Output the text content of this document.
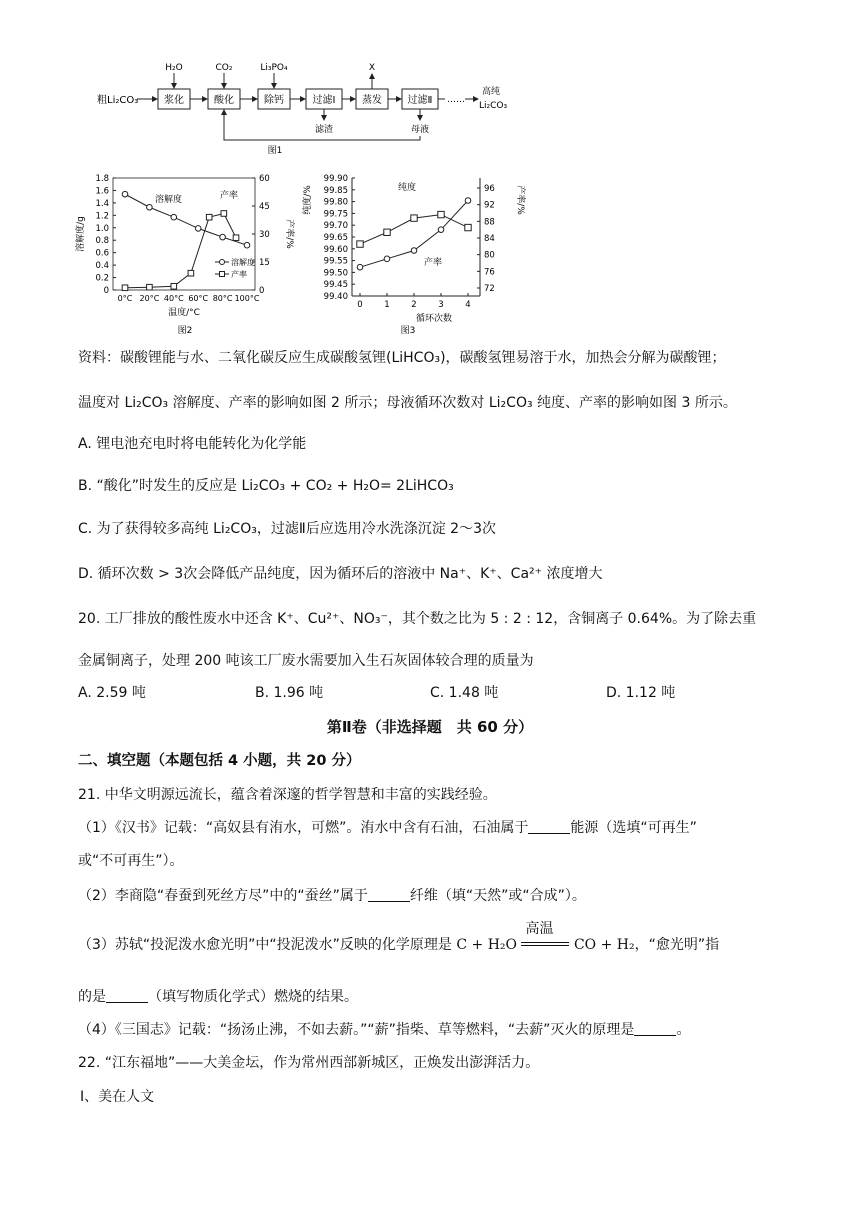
粗Li₂CO₃	浆化	酸化	除钙	过滤Ⅰ	蒸发	过滤Ⅱ ……
高纯
Li₂CO₃
H₂O	CO₂	Li₃PO₄	X
滤渣	母液
图1
0
0.2
0.4
0.6
0.8
1.0
1.2
1.4
1.6
1.8
0
15
30
45
60
0°C 20°C 40°C 60°C 80°C 100°C
温度/°C
溶解度/g	产率/%
溶解度	产率
溶解度
产率
图2
99.40
99.45
99.50
99.55
99.60
99.65
99.70
99.75
99.80
99.85
99.90
72
76
80
84
88
92
96
0	1	2	3	4
循环次数
纯度/%	产率/%
纯度
产率
图3
资料：碳酸锂能与水、二氧化碳反应生成碳酸氢锂(LiHCO₃)，碳酸氢锂易溶于水，加热会分解为碳酸锂；
温度对 Li₂CO₃ 溶解度、产率的影响如图 2 所示；母液循环次数对 Li₂CO₃ 纯度、产率的影响如图 3 所示。
A. 锂电池充电时将电能转化为化学能
B. “酸化”时发生的反应是 Li₂CO₃ + CO₂ + H₂O= 2LiHCO₃
C. 为了获得较多高纯 Li₂CO₃，过滤Ⅱ后应选用冷水洗涤沉淀 2～3次
D. 循环次数 > 3次会降低产品纯度，因为循环后的溶液中 Na⁺、K⁺、Ca²⁺ 浓度增大
20. 工厂排放的酸性废水中还含 K⁺、Cu²⁺、NO₃⁻，其个数之比为 5 : 2 : 12，含铜离子 0.64%。为了除去重
金属铜离子，处理 200 吨该工厂废水需要加入生石灰固体较合理的质量为
A. 2.59 吨	B. 1.96 吨	C. 1.48 吨	D. 1.12 吨
第Ⅱ卷（非选择题　共 60 分）
二、填空题（本题包括 4 小题，共 20 分）
21. 中华文明源远流长，蕴含着深邃的哲学智慧和丰富的实践经验。
（1）《汉书》记载：“高奴县有洧水，可燃”。洧水中含有石油，石油属于	能源（选填“可再生”
或“不可再生”）。
（2）李商隐“春蚕到死丝方尽”中的“蚕丝”属于	纤维（填“天然”或“合成”）。
（3）苏轼“投泥泼水愈光明”中“投泥泼水”反映的化学原理是 C + H₂O
高温
CO + H₂，“愈光明”指
的是	（填写物质化学式）燃烧的结果。
（4）《三国志》记载：“扬汤止沸，不如去薪。”“薪”指柴、草等燃料，“去薪”灭火的原理是	。
22. “江东福地”——大美金坛，作为常州西部新城区，正焕发出澎湃活力。
Ⅰ、美在人文
